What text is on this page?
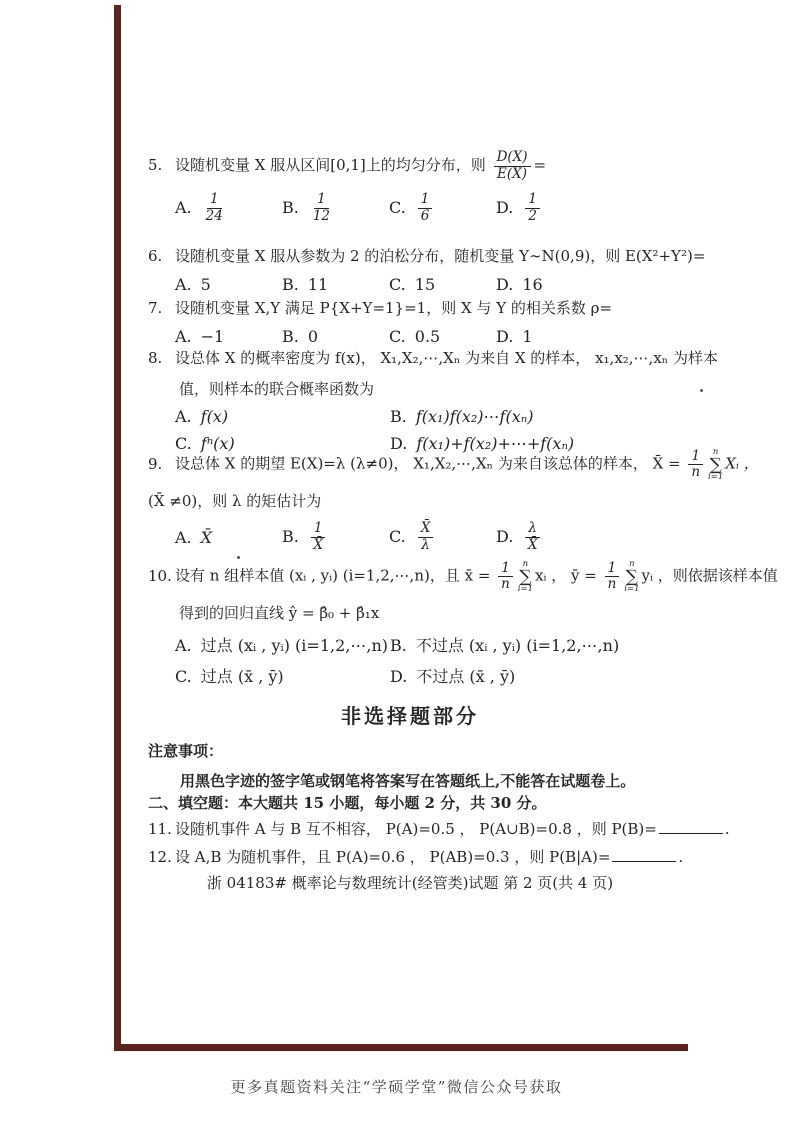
5. 设随机变量 X 服从区间[0,1]上的均匀分布，则 $\frac{D(X)}{E(X)}$ =
A. $\frac{1}{24}$	B. $\frac{1}{12}$	C. $\frac{1}{6}$	D. $\frac{1}{2}$
6. 设随机变量 X 服从参数为 2 的泊松分布，随机变量 Y∼N(0,9)，则 E(X²+Y²)=
A. 5	B. 11	C. 15	D. 16
7. 设随机变量 X,Y 满足 P{X+Y=1}=1，则 X 与 Y 的相关系数 ρ=
A. −1	B. 0	C. 0.5	D. 1
8. 设总体 X 的概率密度为 f(x)， X₁,X₂,⋯,Xₙ 为来自 X 的样本， x₁,x₂,⋯,xₙ 为样本
值，则样本的联合概率函数为
A. f(x)	B. f(x₁)f(x₂)⋯f(xₙ)
C. fⁿ(x)	D. f(x₁)+f(x₂)+⋯+f(xₙ)
9. 设总体 X 的期望 E(X)=λ (λ≠0)， X₁,X₂,⋯,Xₙ 为来自该总体的样本， X̄ = $\frac{1}{n}$ n
∑
i=1
Xᵢ ，
(X̄ ≠0)，则 λ 的矩估计为
A. X̄	B. $\frac{1}{X̄}$	C. $\frac{X̄}{\lambda}$	D. $\frac{\lambda}{X̄}$
10. 设有 n 组样本值 (xᵢ , yᵢ) (i=1,2,⋯,n)，且 x̄ = $\frac{1}{n}$ n
∑
i=1
xᵢ ， ȳ = $\frac{1}{n}$ n
∑
i=1
yᵢ ，则依据该样本值
得到的回归直线 ŷ = β̂₀ + β̂₁x
A. 过点 (xᵢ , yᵢ) (i=1,2,⋯,n) B. 不过点 (xᵢ , yᵢ) (i=1,2,⋯,n)
C. 过点 (x̄ , ȳ)	D. 不过点 (x̄ , ȳ)
非选择题部分
注意事项：
用黑色字迹的签字笔或钢笔将答案写在答题纸上,不能答在试题卷上。
二、填空题：本大题共 15 小题，每小题 2 分，共 30 分。
11. 设随机事件 A 与 B 互不相容， P(A)=0.5 ， P(A∪B)=0.8 ，则 P(B)=	.
12. 设 A,B 为随机事件，且 P(A)=0.6 ， P(AB)=0.3 ，则 P(B|A)=	.
浙 04183# 概率论与数理统计(经管类)试题 第 2 页(共 4 页)
更多真题资料关注“学硕学堂”微信公众号获取
